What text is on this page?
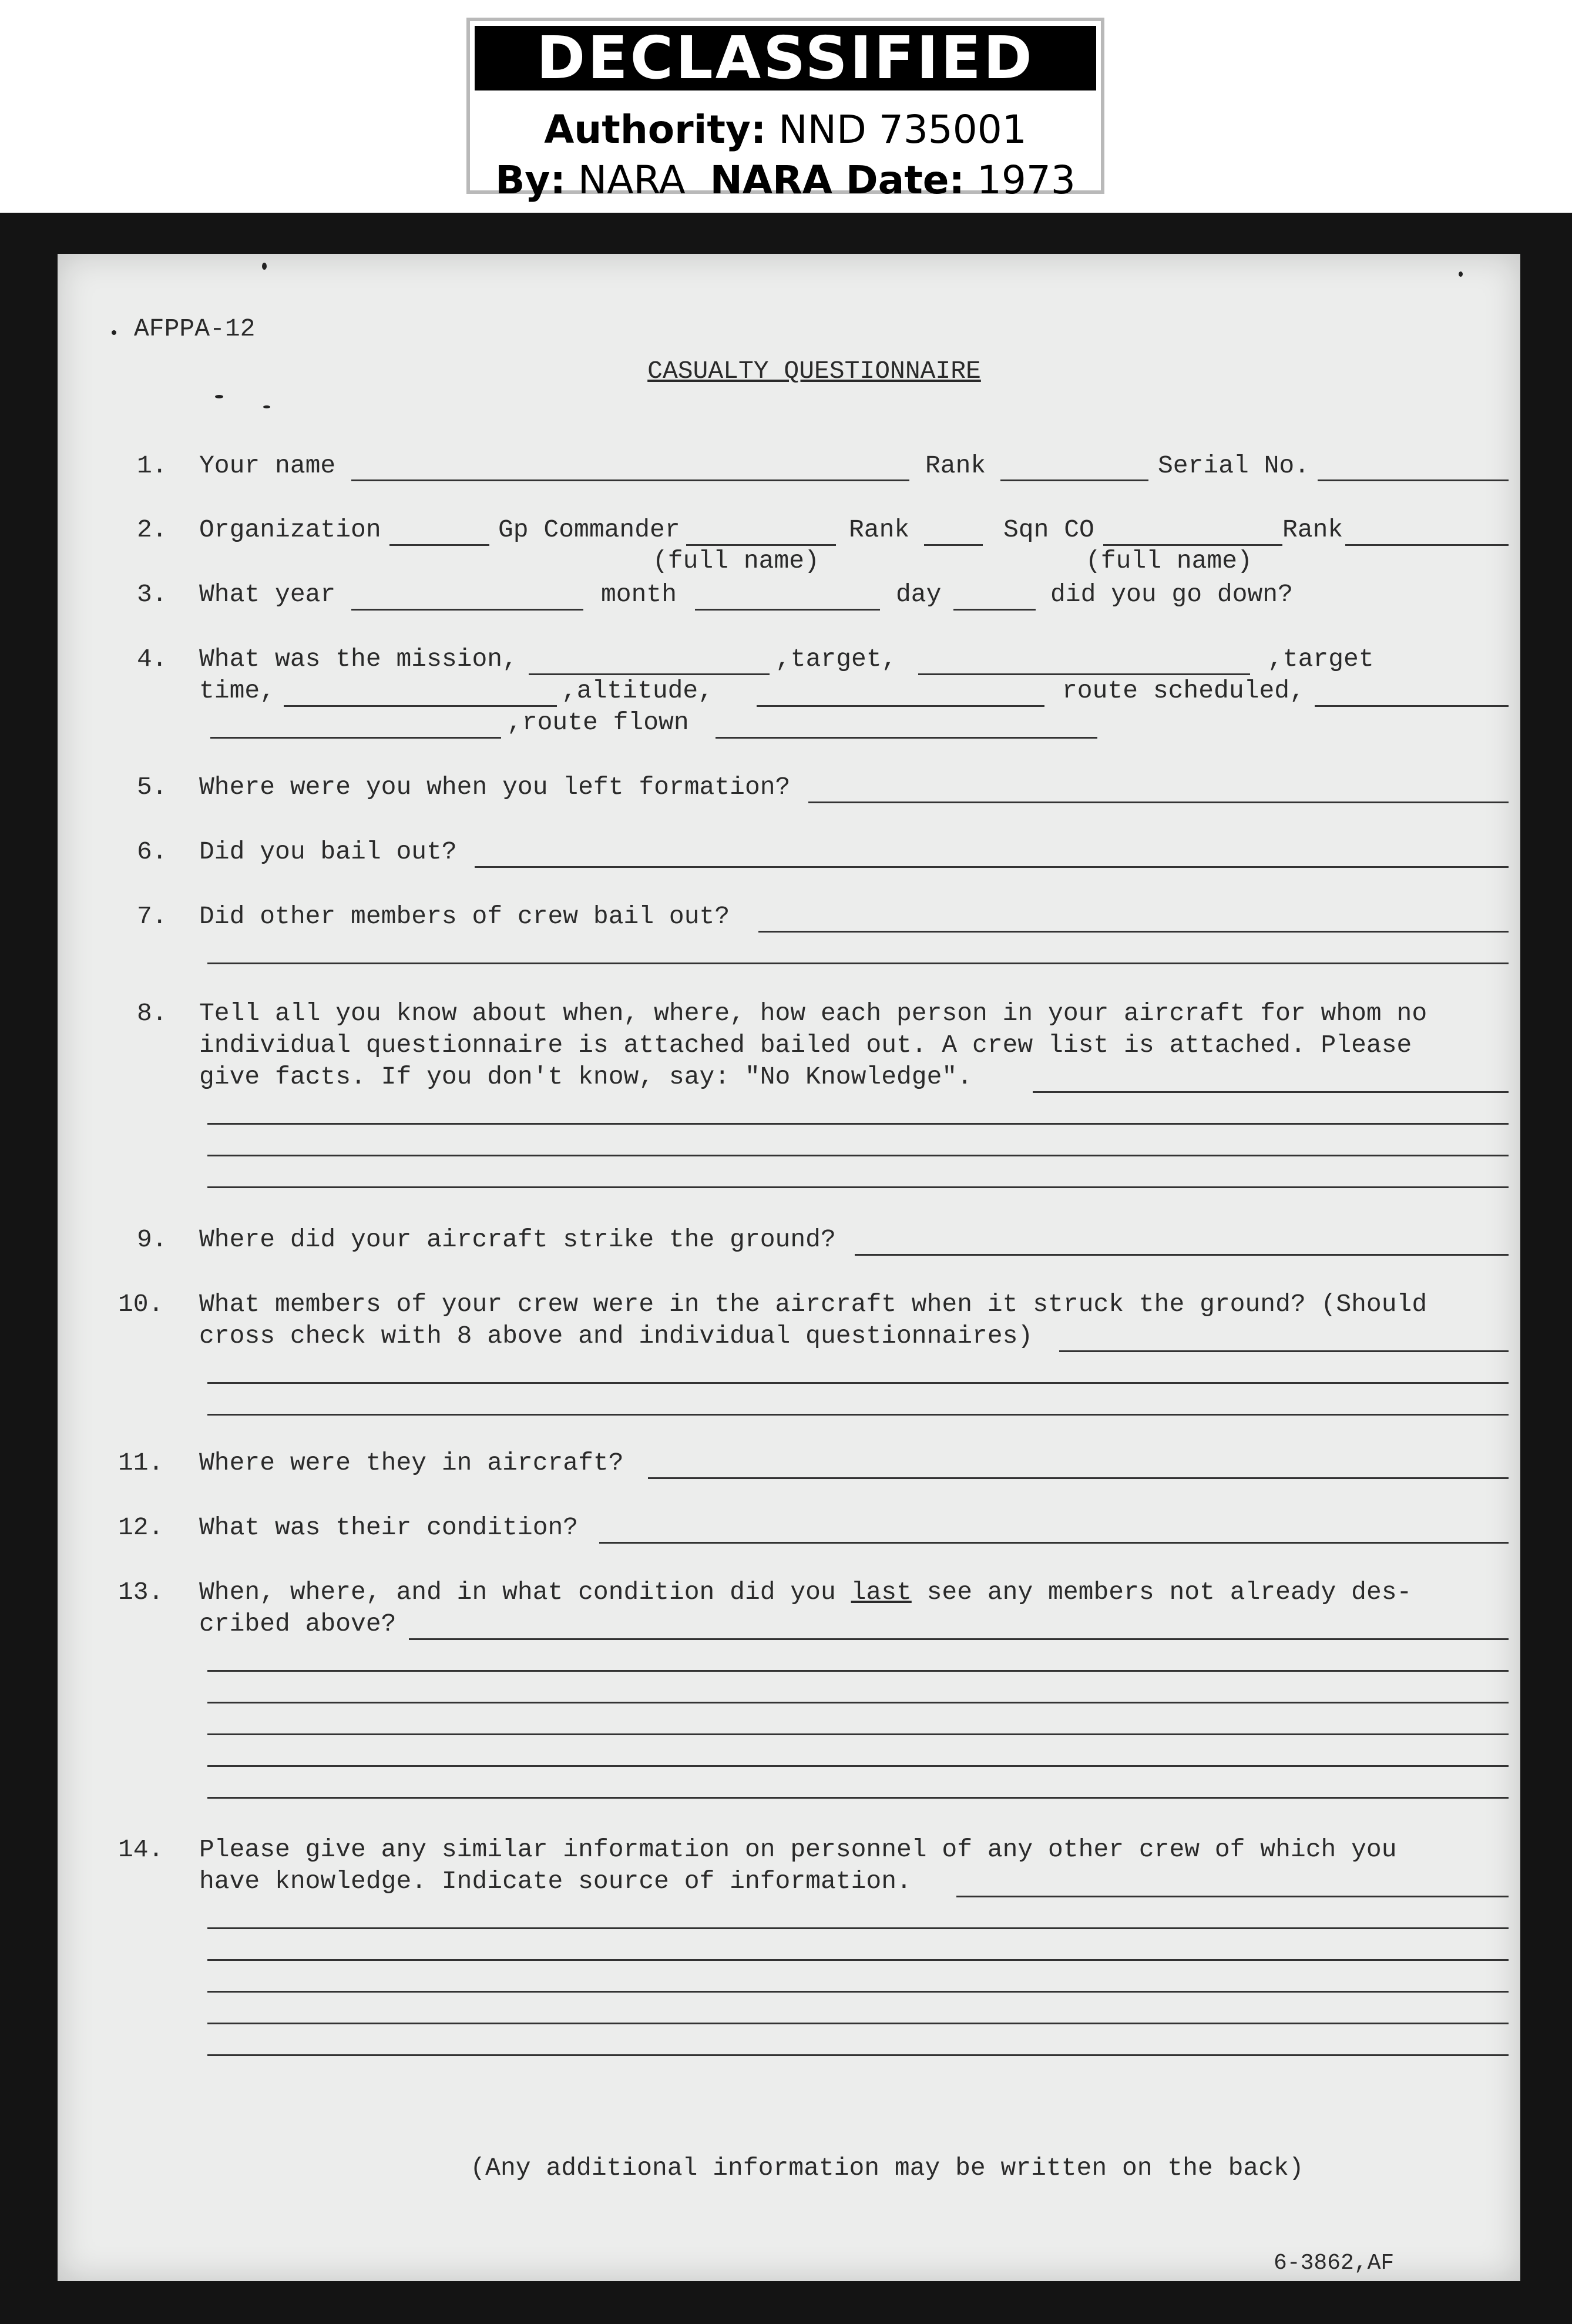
DECLASSIFIED
Authority: NND 735001
By: NARA NARA Date: 1973
AFPPA-12
CASUALTY QUESTIONNAIRE
1. Your name	Rank	Serial No.
2. Organization	Gp Commander	Rank	Sqn CO	Rank
(full name)	(full name)
3. What year	month	day	did you go down?
4. What was the mission,	,target,	,target
time,	,altitude,	route scheduled,
,route flown
5. Where were you when you left formation?
6. Did you bail out?
7. Did other members of crew bail out?
8. Tell all you know about when, where, how each person in your aircraft for whom no
individual questionnaire is attached bailed out. A crew list is attached. Please
give facts. If you don't know, say: "No Knowledge".
9. Where did your aircraft strike the ground?
10. What members of your crew were in the aircraft when it struck the ground? (Should
cross check with 8 above and individual questionnaires)
11. Where were they in aircraft?
12. What was their condition?
13. When, where, and in what condition did you last see any members not already des-
cribed above?
14. Please give any similar information on personnel of any other crew of which you
have knowledge. Indicate source of information.
(Any additional information may be written on the back)
6-3862,AF
